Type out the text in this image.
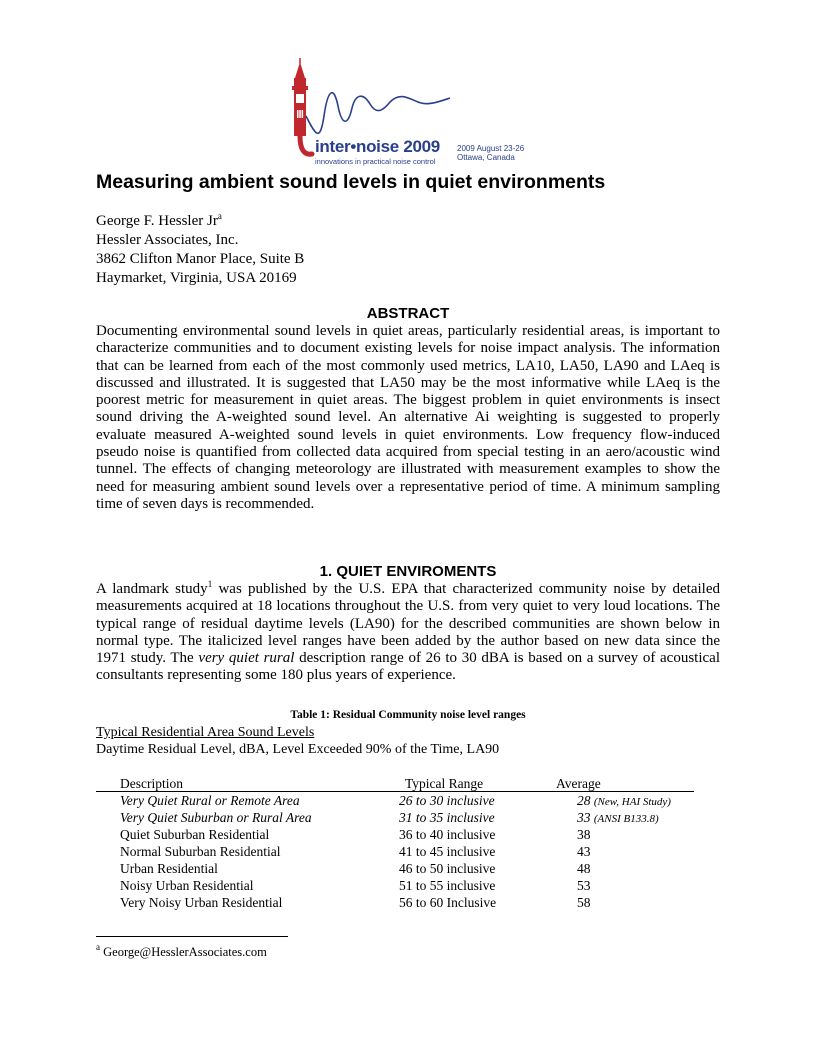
inter•noise 2009
innovations in practical noise control
2009 August 23-26
Ottawa, Canada
Measuring ambient sound levels in quiet environments
George F. Hessler Jr$^a$
Hessler Associates, Inc.
3862 Clifton Manor Place, Suite B
Haymarket, Virginia, USA 20169
ABSTRACT

Documenting environmental sound levels in quiet areas, particularly residential areas, is important to characterize communities and to document existing levels for noise impact analysis. The information that can be learned from each of the most commonly used metrics, LA10, LA50, LA90 and LAeq is discussed and illustrated. It is suggested that LA50 may be the most informative while LAeq is the poorest metric for measurement in quiet areas. The biggest problem in quiet environments is insect sound driving the A-weighted sound level. An alternative Ai weighting is suggested to properly evaluate measured A-weighted sound levels in quiet environments. Low frequency flow-induced pseudo noise is quantified from collected data acquired from special testing in an aero/acoustic wind tunnel. The effects of changing meteorology are illustrated with measurement examples to show the need for measuring ambient sound levels over a representative period of time. A minimum sampling time of seven days is recommended.

1. QUIET ENVIROMENTS

A landmark study$^1$ was published by the U.S. EPA that characterized community noise by detailed measurements acquired at 18 locations throughout the U.S. from very quiet to very loud locations. The typical range of residual daytime levels (LA90) for the described communities are shown below in normal type. The italicized level ranges have been added by the author based on new data since the 1971 study. The very quiet rural description range of 26 to 30 dBA is based on a survey of acoustical consultants representing some 180 plus years of experience.

Table 1: Residual Community noise level ranges

Typical Residential Area Sound Levels
Daytime Residual Level, dBA, Level Exceeded 90% of the Time, LA90
Description	Typical Range	Average
Very Quiet Rural or Remote Area	26 to 30 inclusive	28 (New, HAI Study)
Very Quiet Suburban or Rural Area	31 to 35 inclusive	33 (ANSI B133.8)
Quiet Suburban Residential	36 to 40 inclusive	38
Normal Suburban Residential	41 to 45 inclusive	43
Urban Residential	46 to 50 inclusive	48
Noisy Urban Residential	51 to 55 inclusive	53
Very Noisy Urban Residential	56 to 60 Inclusive	58
$^a$ George@HesslerAssociates.com
